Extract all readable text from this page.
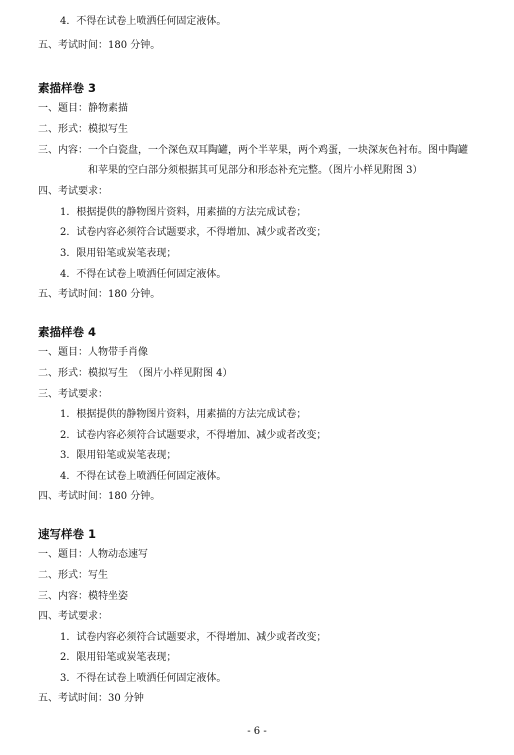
4．不得在试卷上喷洒任何固定液体。
五、考试时间：180 分钟。
素描样卷 3
一、题目：静物素描
二、形式：模拟写生
三、内容：一个白瓷盘，一个深色双耳陶罐，两个半苹果，两个鸡蛋，一块深灰色衬布。图中陶罐
和苹果的空白部分须根据其可见部分和形态补充完整。（图片小样见附图 3）
四、考试要求：
1．根据提供的静物图片资料，用素描的方法完成试卷；
2．试卷内容必须符合试题要求，不得增加、减少或者改变；
3．限用铅笔或炭笔表现；
4．不得在试卷上喷洒任何固定液体。
五、考试时间：180 分钟。
素描样卷 4
一、题目：人物带手肖像
二、形式：模拟写生　（图片小样见附图 4）
三、考试要求：
1．根据提供的静物图片资料，用素描的方法完成试卷；
2．试卷内容必须符合试题要求，不得增加、减少或者改变；
3．限用铅笔或炭笔表现；
4．不得在试卷上喷洒任何固定液体。
四、考试时间：180 分钟。
速写样卷 1
一、题目：人物动态速写
二、形式：写生
三、内容：模特坐姿
四、考试要求：
1．试卷内容必须符合试题要求，不得增加、减少或者改变；
2．限用铅笔或炭笔表现；
3．不得在试卷上喷洒任何固定液体。
五、考试时间：30 分钟
- 6 -
